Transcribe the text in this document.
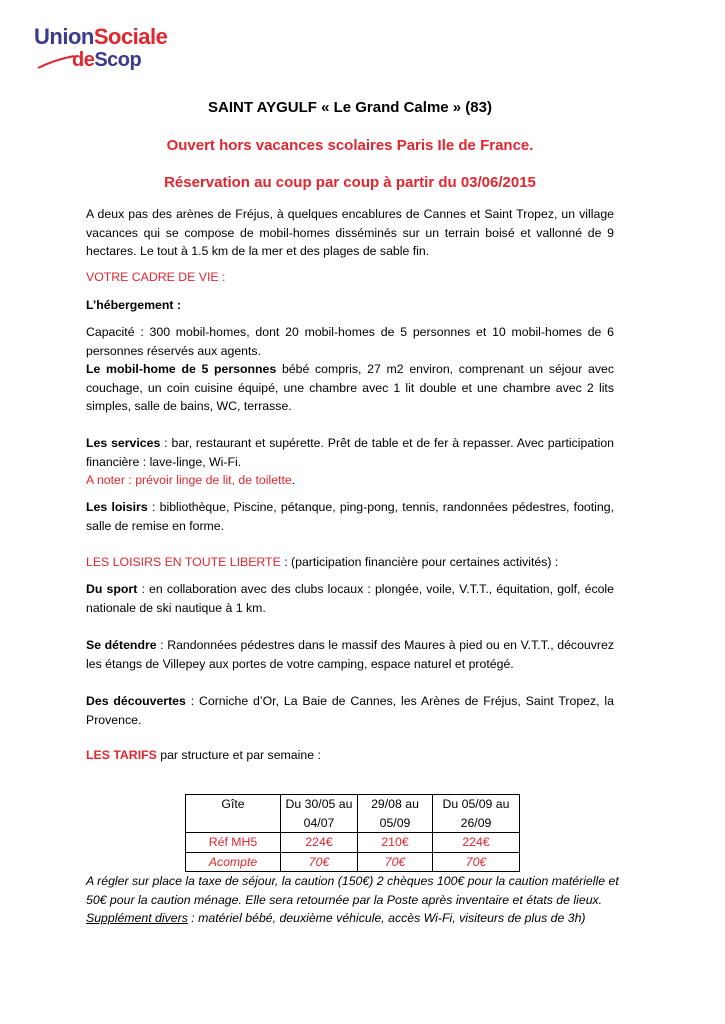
UnionSociale
deScop
SAINT AYGULF « Le Grand Calme » (83)
Ouvert hors vacances scolaires Paris Ile de France.
Réservation au coup par coup à partir du 03/06/2015
A deux pas des arènes de Fréjus, à quelques encablures de Cannes et Saint Tropez, un village vacances qui se compose de mobil-homes disséminés sur un terrain boisé et vallonné de 9 hectares. Le tout à 1.5 km de la mer et des plages de sable fin.
VOTRE CADRE DE VIE :
L’hébergement :
Capacité : 300 mobil-homes, dont 20 mobil-homes de 5 personnes et 10 mobil-homes de 6 personnes réservés aux agents.
Le mobil-home de 5 personnes bébé compris, 27 m2 environ, comprenant un séjour avec couchage, un coin cuisine équipé, une chambre avec 1 lit double et une chambre avec 2 lits simples, salle de bains, WC, terrasse.
Les services : bar, restaurant et supérette. Prêt de table et de fer à repasser. Avec participation financière : lave-linge, Wi-Fi.
A noter : prévoir linge de lit, de toilette.
Les loisirs : bibliothèque, Piscine, pétanque, ping-pong, tennis, randonnées pédestres, footing, salle de remise en forme.
LES LOISIRS EN TOUTE LIBERTE : (participation financière pour certaines activités) :
Du sport : en collaboration avec des clubs locaux : plongée, voile, V.T.T., équitation, golf, école nationale de ski nautique à 1 km.
Se détendre : Randonnées pédestres dans le massif des Maures à pied ou en V.T.T., découvrez les étangs de Villepey aux portes de votre camping, espace naturel et protégé.
Des découvertes : Corniche d’Or, La Baie de Cannes, les Arènes de Fréjus, Saint Tropez, la Provence.
LES TARIFS par structure et par semaine :
Gîte	Du 30/05 au 04/07	29/08 au 05/09	Du 05/09 au 26/09
Réf MH5	224€	210€	224€
Acompte	70€	70€	70€
A régler sur place la taxe de séjour, la caution (150€) 2 chèques 100€ pour la caution matérielle et 50€ pour la caution ménage. Elle sera retournée par la Poste après inventaire et états de lieux.
Supplément divers : matériel bébé, deuxième véhicule, accès Wi-Fi, visiteurs de plus de 3h)
